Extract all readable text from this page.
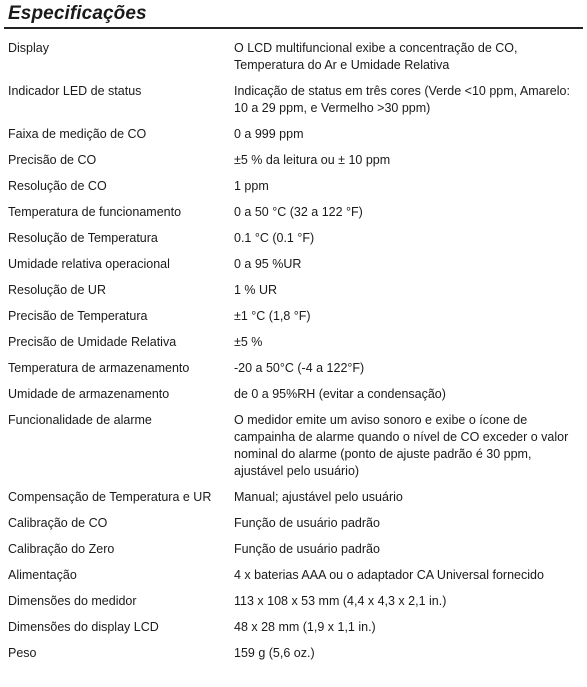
Especificações
Display	O LCD multifuncional exibe a concentração de CO, Temperatura do Ar e Umidade Relativa
Indicador LED de status	Indicação de status em três cores (Verde <10 ppm, Amarelo: 10 a 29 ppm, e Vermelho >30 ppm)
Faixa de medição de CO	0 a 999 ppm
Precisão de CO	±5 % da leitura ou ± 10 ppm
Resolução de CO	1 ppm
Temperatura de funcionamento	0 a 50 °C (32 a 122 °F)
Resolução de Temperatura	0.1 °C (0.1 °F)
Umidade relativa operacional	0 a 95 %UR
Resolução de UR	1 % UR
Precisão de Temperatura	±1 °C (1,8 °F)
Precisão de Umidade Relativa	±5 %
Temperatura de armazenamento	-20 a 50°C (-4 a 122°F)
Umidade de armazenamento	de 0 a 95%RH (evitar a condensação)
Funcionalidade de alarme	O medidor emite um aviso sonoro e exibe o ícone de campainha de alarme quando o nível de CO exceder o valor nominal do alarme (ponto de ajuste padrão é 30 ppm, ajustável pelo usuário)
Compensação de Temperatura e UR	Manual; ajustável pelo usuário
Calibração de CO	Função de usuário padrão
Calibração do Zero	Função de usuário padrão
Alimentação	4 x baterias AAA ou o adaptador CA Universal fornecido
Dimensões do medidor	113 x 108 x 53 mm (4,4 x 4,3 x 2,1 in.)
Dimensões do display LCD	48 x 28 mm (1,9 x 1,1 in.)
Peso	159 g (5,6 oz.)
